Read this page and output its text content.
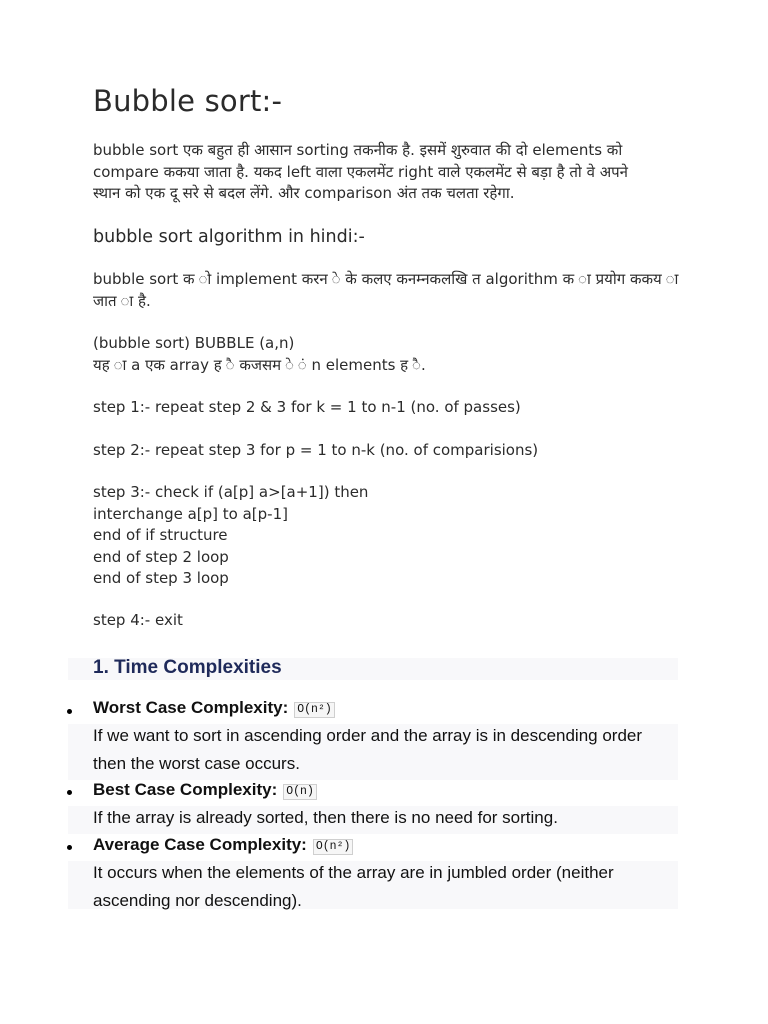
Bubble sort:-

bubble sort एक बहुत ही आसान sorting तकनीक है. इसमें शुरुवात की दो elements को
compare ककया जाता है. यकद left वाला एकलमेंट right वाले एकलमेंट से बड़ा है तो वे अपने
स्थान को एक दू सरे से बदल लेंगे. और comparison अंत तक चलता रहेगा.

bubble sort algorithm in hindi:-

bubble sort क ो implement करन े के कलए कनम्नकलखि त algorithm क ा प्रयोग ककय ा
जात ा है.

(bubble sort) BUBBLE (a,n)
यह ा a एक array ह ै कजसम े ं n elements ह ै.

step 1:- repeat step 2 & 3 for k = 1 to n-1 (no. of passes)

step 2:- repeat step 3 for p = 1 to n-k (no. of comparisions)

step 3:- check if (a[p] a>[a+1]) then
interchange a[p] to a[p-1]
end of if structure
end of step 2 loop
end of step 3 loop

step 4:- exit

1. Time Complexities
Worst Case Complexity: O(n²)
If we want to sort in ascending order and the array is in descending order
then the worst case occurs.
Best Case Complexity: O(n)
If the array is already sorted, then there is no need for sorting.
Average Case Complexity: O(n²)
It occurs when the elements of the array are in jumbled order (neither
ascending nor descending).
